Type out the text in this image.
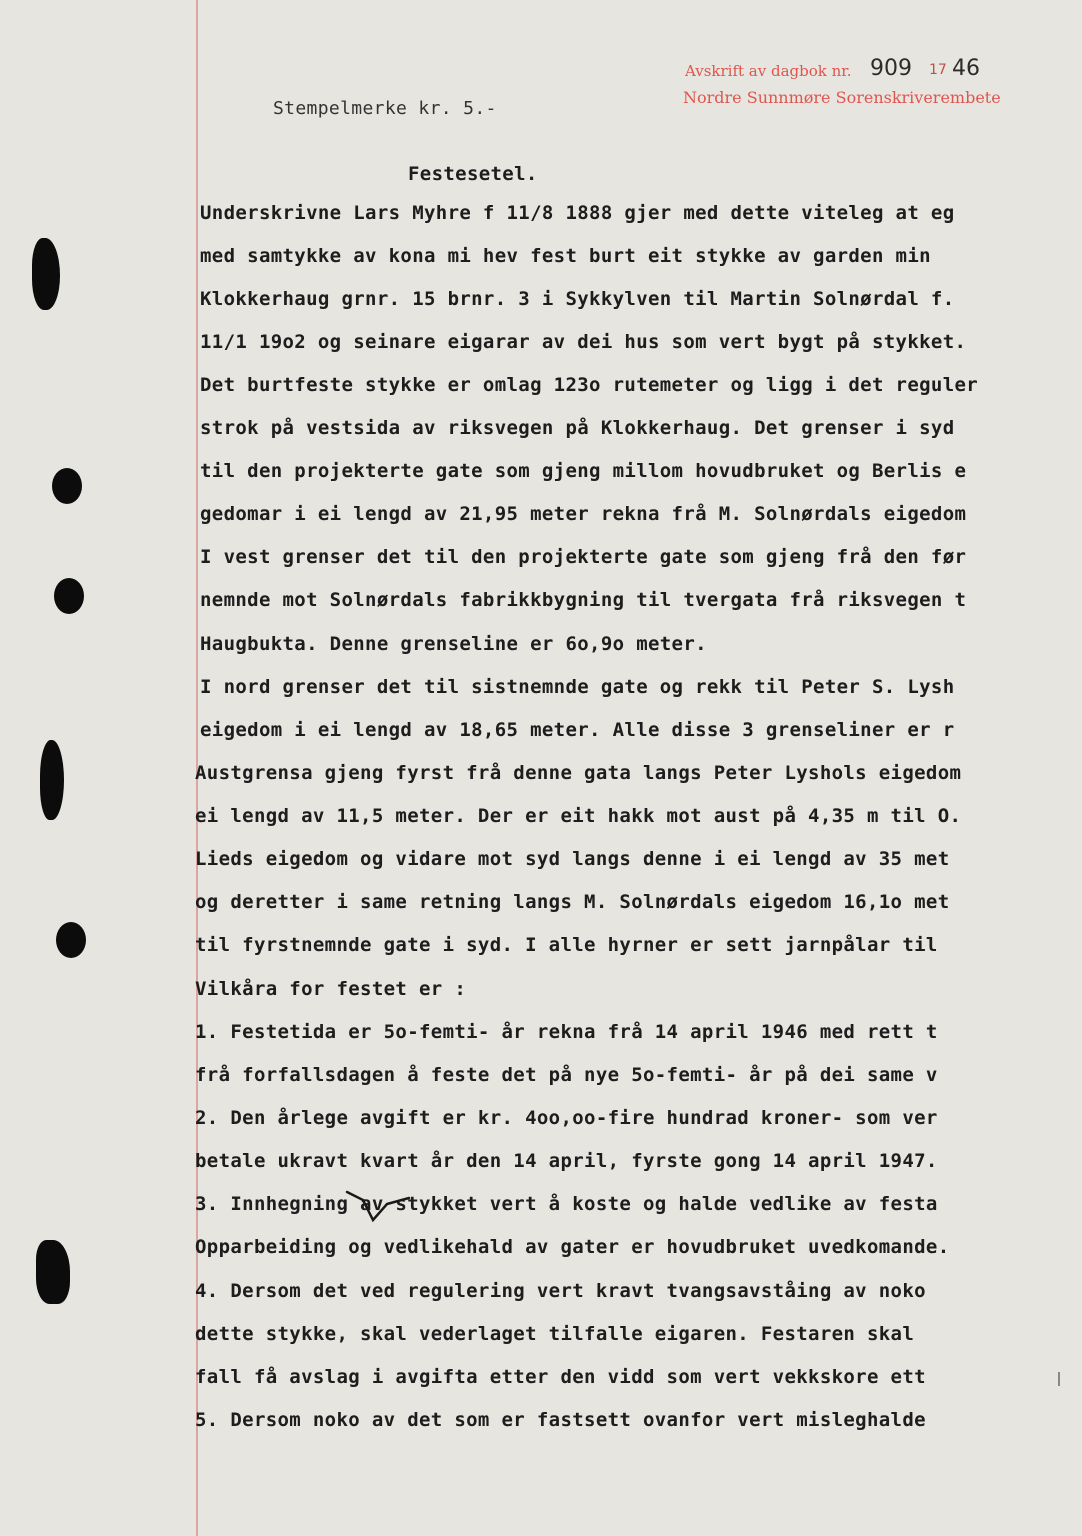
Avskrift av dagbok nr.
Nordre Sunnmøre Sorenskriverembete
909 17 46
Stempelmerke kr. 5.-
Festesetel.
Underskrivne Lars Myhre f 11/8 1888 gjer med dette viteleg at eg
med samtykke av kona mi hev fest burt eit stykke av garden min
Klokkerhaug grnr. 15 brnr. 3 i Sykkylven til Martin Solnørdal f.
11/1 19o2 og seinare eigarar av dei hus som vert bygt på stykket.
Det burtfeste stykke er omlag 123o rutemeter og ligg i det reguler
strok på vestsida av riksvegen på Klokkerhaug. Det grenser i syd
til den projekterte gate som gjeng millom hovudbruket og Berlis e
gedomar i ei lengd av 21,95 meter rekna frå M. Solnørdals eigedom
I vest grenser det til den projekterte gate som gjeng frå den før
nemnde mot Solnørdals fabrikkbygning til tvergata frå riksvegen t
Haugbukta. Denne grenseline er 6o,9o meter.
I nord grenser det til sistnemnde gate og rekk til Peter S. Lysh
eigedom i ei lengd av 18,65 meter. Alle disse 3 grenseliner er r
Austgrensa gjeng fyrst frå denne gata langs Peter Lyshols eigedom
ei lengd av 11,5 meter. Der er eit hakk mot aust på 4,35 m til O.
Lieds eigedom og vidare mot syd langs denne i ei lengd av 35 met
og deretter i same retning langs M. Solnørdals eigedom 16,1o met
til fyrstnemnde gate i syd. I alle hyrner er sett jarnpålar til
Vilkåra for festet er :
1. Festetida er 5o-femti- år rekna frå 14 april 1946 med rett t
frå forfallsdagen å feste det på nye 5o-femti- år på dei same v
2. Den årlege avgift er kr. 4oo,oo-fire hundrad kroner- som ver
betale ukravt kvart år den 14 april, fyrste gong 14 april 1947.
3. Innhegning av stykket vert å koste og halde vedlike av festa
Opparbeiding og vedlikehald av gater er hovudbruket uvedkomande.
4. Dersom det ved regulering vert kravt tvangsavståing av noko
dette stykke, skal vederlaget tilfalle eigaren. Festaren skal
fall få avslag i avgifta etter den vidd som vert vekkskore ett
5. Dersom noko av det som er fastsett ovanfor vert misleghalde
